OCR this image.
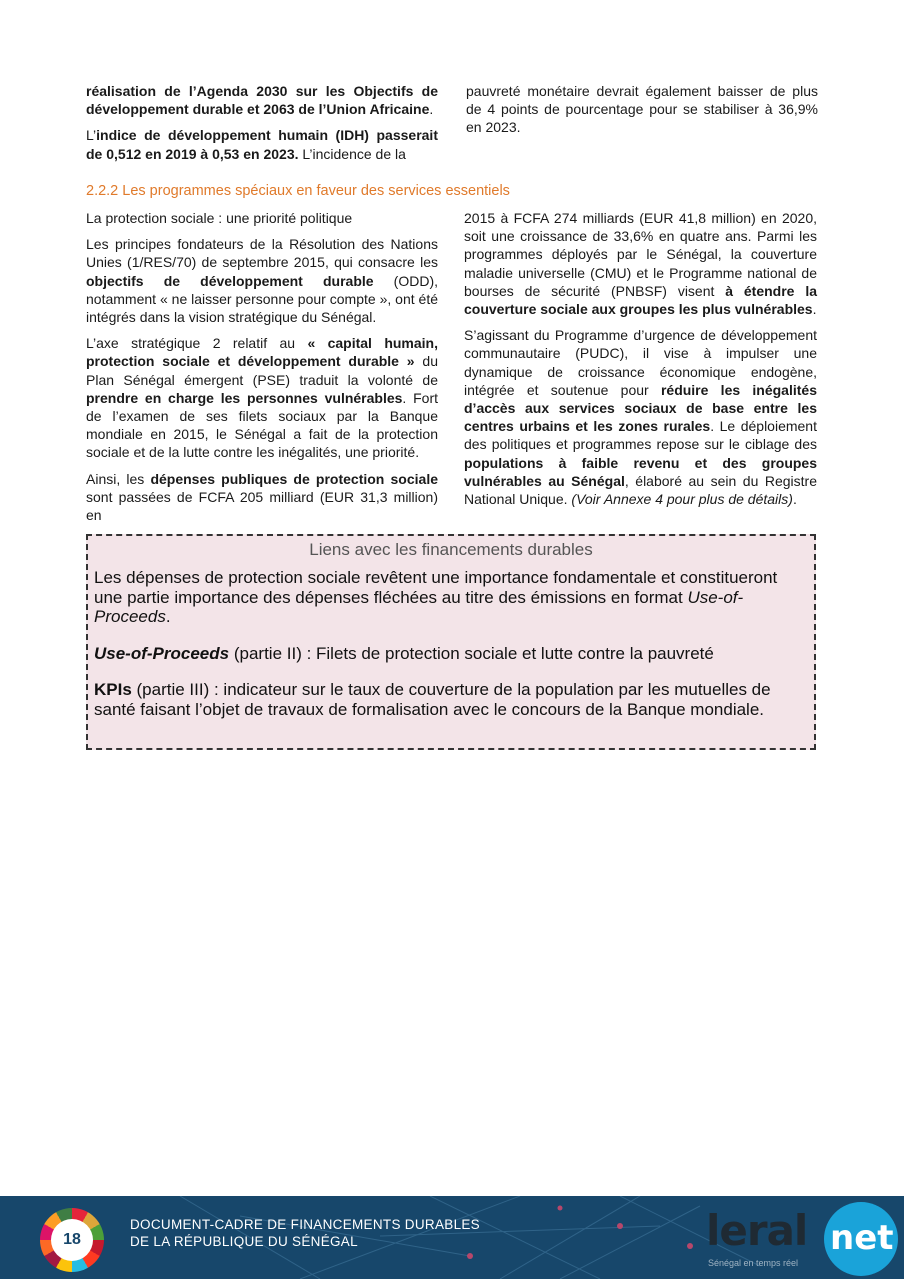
réalisation de l’Agenda 2030 sur les Objectifs de développement durable et 2063 de l’Union Africaine.

L’indice de développement humain (IDH) passerait de 0,512 en 2019 à 0,53 en 2023. L’incidence de la

pauvreté monétaire devrait également baisser de plus de 4 points de pourcentage pour se stabiliser à 36,9% en 2023.

2.2.2 Les programmes spéciaux en faveur des services essentiels

La protection sociale : une priorité politique

Les principes fondateurs de la Résolution des Nations Unies (1/RES/70) de septembre 2015, qui consacre les objectifs de développement durable (ODD), notamment « ne laisser personne pour compte », ont été intégrés dans la vision stratégique du Sénégal.

L’axe stratégique 2 relatif au « capital humain, protection sociale et développement durable » du Plan Sénégal émergent (PSE) traduit la volonté de prendre en charge les personnes vulnérables. Fort de l’examen de ses filets sociaux par la Banque mondiale en 2015, le Sénégal a fait de la protection sociale et de la lutte contre les inégalités, une priorité.

Ainsi, les dépenses publiques de protection sociale sont passées de FCFA 205 milliard (EUR 31,3 million) en

2015 à FCFA 274 milliards (EUR 41,8 million) en 2020, soit une croissance de 33,6% en quatre ans. Parmi les programmes déployés par le Sénégal, la couverture maladie universelle (CMU) et le Programme national de bourses de sécurité (PNBSF) visent à étendre la couverture sociale aux groupes les plus vulnérables.

S’agissant du Programme d’urgence de développement communautaire (PUDC), il vise à impulser une dynamique de croissance économique endogène, intégrée et soutenue pour réduire les inégalités d’accès aux services sociaux de base entre les centres urbains et les zones rurales. Le déploiement des politiques et programmes repose sur le ciblage des populations à faible revenu et des groupes vulnérables au Sénégal, élaboré au sein du Registre National Unique. (Voir Annexe 4 pour plus de détails).

Liens avec les financements durables

Les dépenses de protection sociale revêtent une importance fondamentale et constitueront une partie importance des dépenses fléchées au titre des émissions en format Use-of-Proceeds.

Use-of-Proceeds (partie II) : Filets de protection sociale et lutte contre la pauvreté

KPIs (partie III) : indicateur sur le taux de couverture de la population par les mutuelles de santé faisant l’objet de travaux de formalisation avec le concours de la Banque mondiale.

18
DOCUMENT-CADRE DE FINANCEMENTS DURABLES
DE LA RÉPUBLIQUE DU SÉNÉGAL	leral net
Sénégal en temps réel
